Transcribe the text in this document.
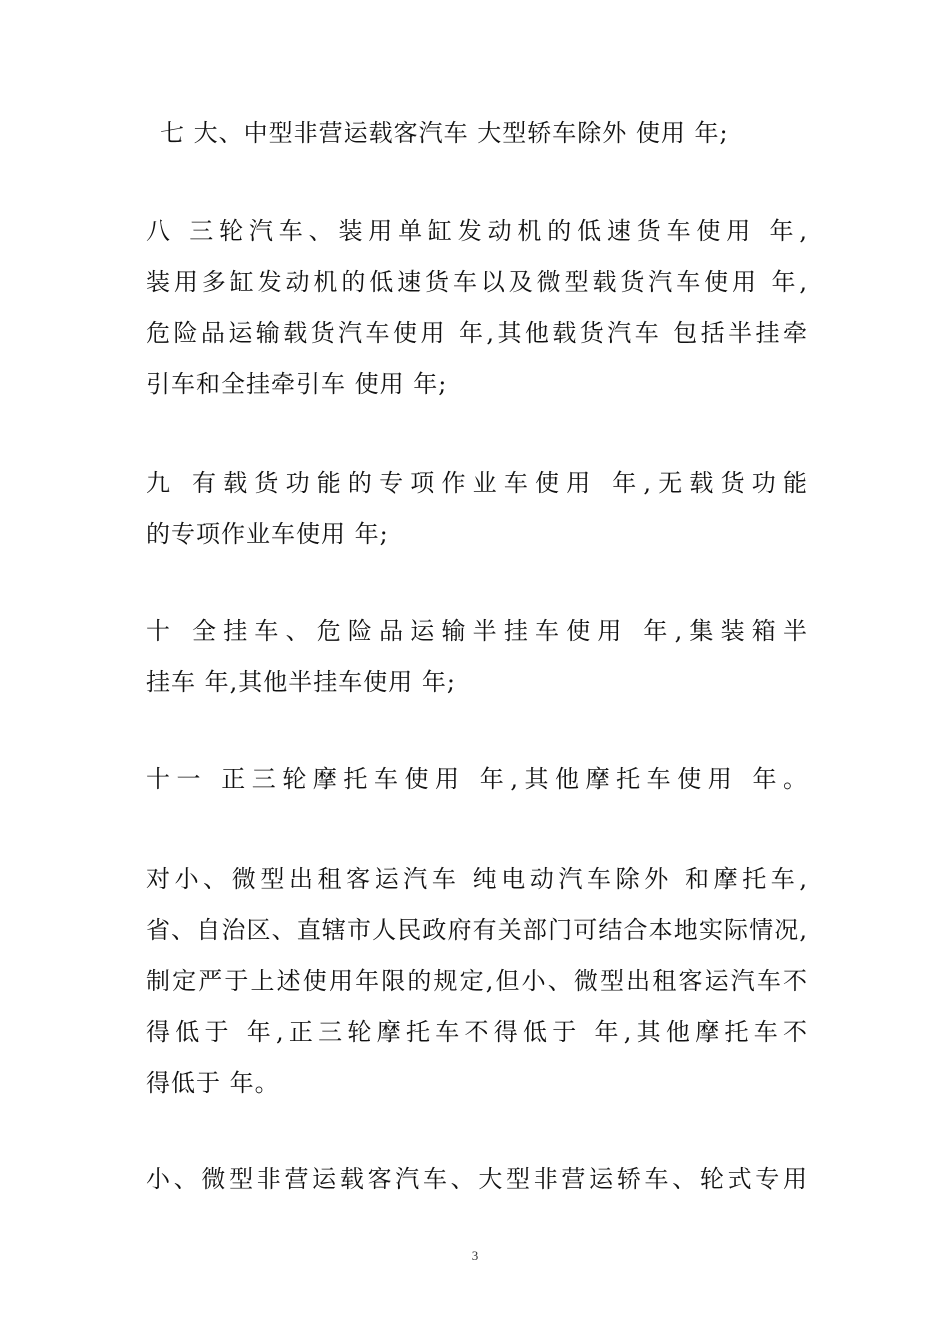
七 大、中型非营运载客汽车 大型轿车除外 使用 年;
八 三轮汽车、装用单缸发动机的低速货车使用 年,
装用多缸发动机的低速货车以及微型载货汽车使用 年,
危险品运输载货汽车使用 年,其他载货汽车 包括半挂牵
引车和全挂牵引车 使用 年;
九 有载货功能的专项作业车使用 年,无载货功能
的专项作业车使用 年;
十 全挂车、危险品运输半挂车使用 年,集装箱半
挂车 年,其他半挂车使用 年;
十一 正三轮摩托车使用 年,其他摩托车使用 年。
对小、微型出租客运汽车 纯电动汽车除外 和摩托车,
省、自治区、直辖市人民政府有关部门可结合本地实际情况,
制定严于上述使用年限的规定,但小、微型出租客运汽车不
得低于 年,正三轮摩托车不得低于 年,其他摩托车不
得低于 年。
小、微型非营运载客汽车、大型非营运轿车、轮式专用
3
